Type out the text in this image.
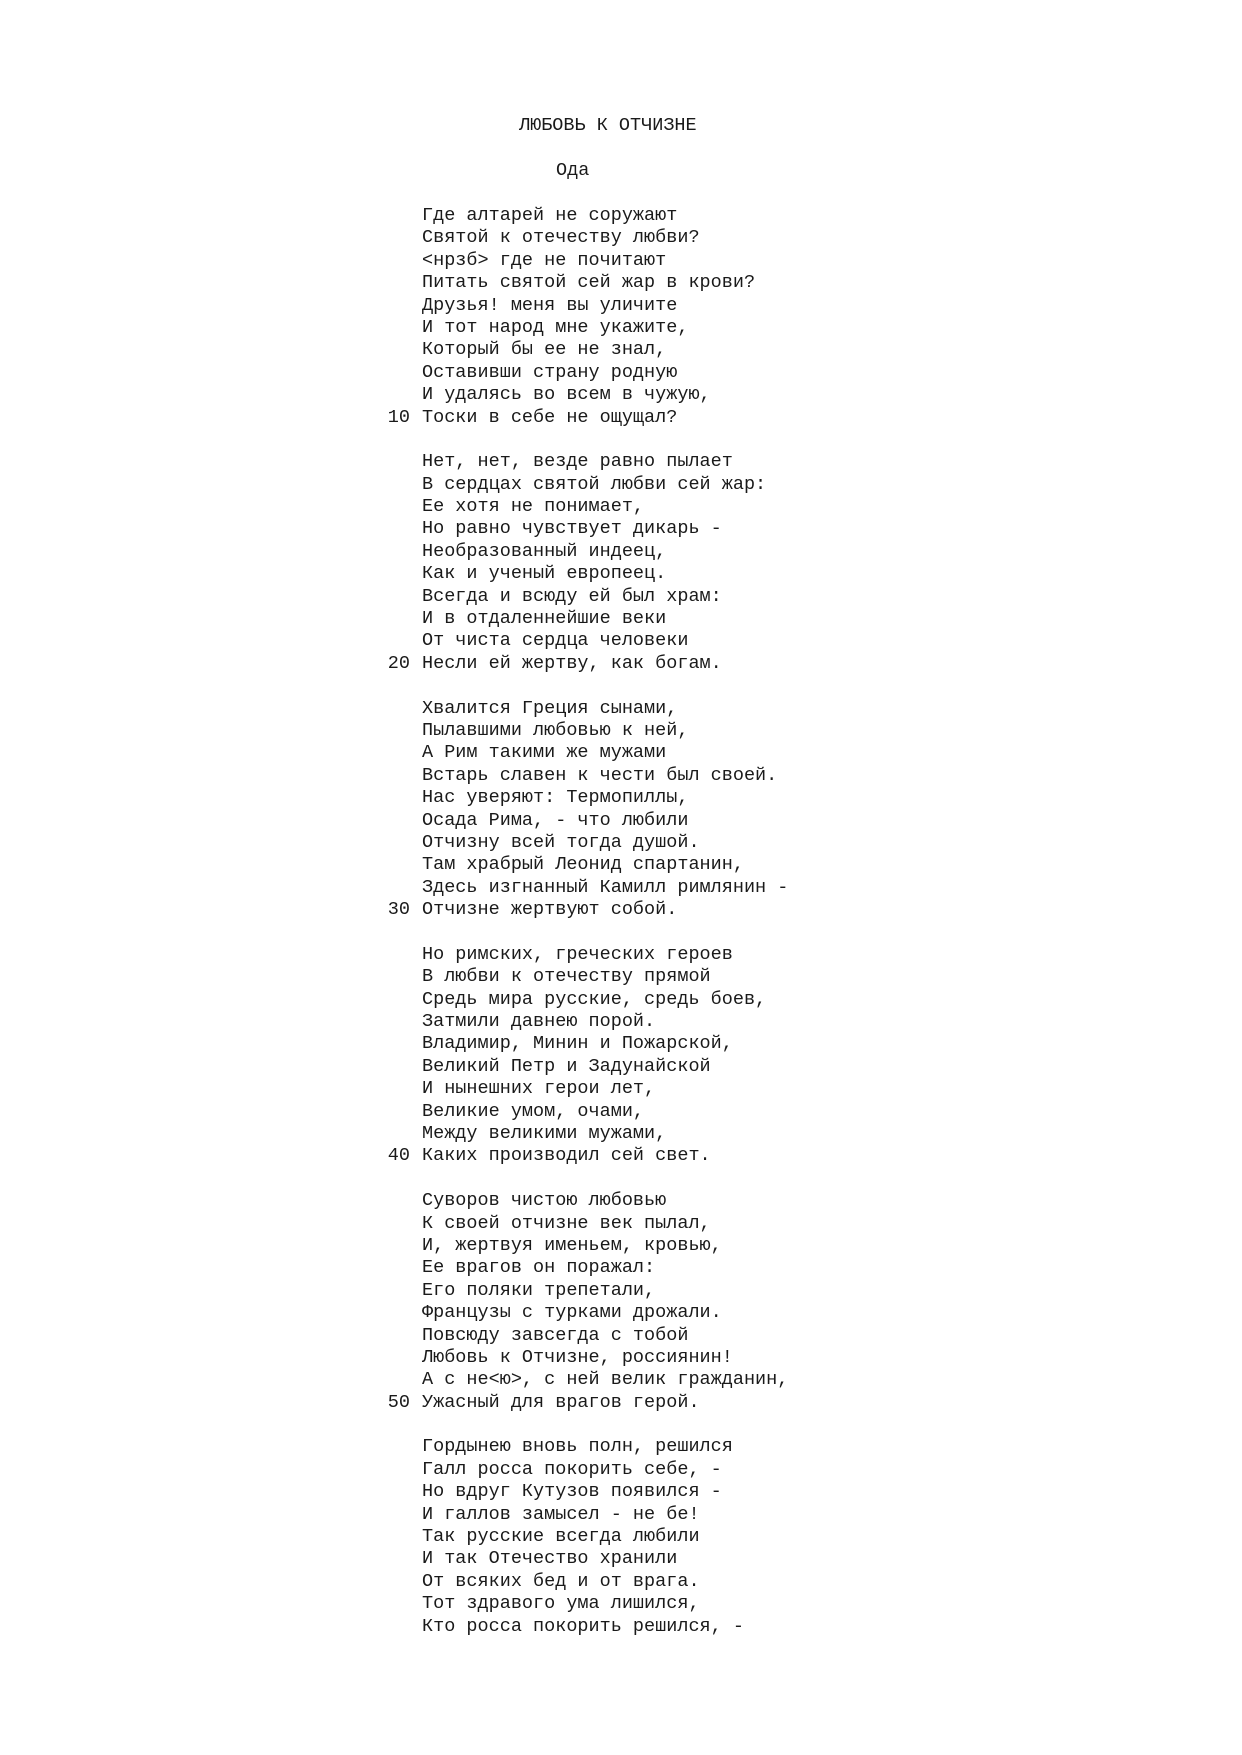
ЛЮБОВЬ К ОТЧИЗНЕ
Ода
Где алтарей не соружают
Святой к отечеству любви?
<нрзб> где не почитают
Питать святой сей жар в крови?
Друзья! меня вы уличите
И тот народ мне укажите,
Который бы ее не знал,
Оставивши страну родную
И удалясь во всем в чужую,
10 Тоски в себе не ощущал?
Нет, нет, везде равно пылает
В сердцах святой любви сей жар:
Ее хотя не понимает,
Но равно чувствует дикарь -
Необразованный индеец,
Как и ученый европеец.
Всегда и всюду ей был храм:
И в отдаленнейшие веки
От чиста сердца человеки
20 Несли ей жертву, как богам.
Хвалится Греция сынами,
Пылавшими любовью к ней,
А Рим такими же мужами
Встарь славен к чести был своей.
Нас уверяют: Термопиллы,
Осада Рима, - что любили
Отчизну всей тогда душой.
Там храбрый Леонид спартанин,
Здесь изгнанный Камилл римлянин -
30 Отчизне жертвуют собой.
Но римских, греческих героев
В любви к отечеству прямой
Средь мира русские, средь боев,
Затмили давнею порой.
Владимир, Минин и Пожарской,
Великий Петр и Задунайской
И нынешних герои лет,
Великие умом, очами,
Между великими мужами,
40 Каких производил сей свет.
Суворов чистою любовью
К своей отчизне век пылал,
И, жертвуя именьем, кровью,
Ее врагов он поражал:
Его поляки трепетали,
Французы с турками дрожали.
Повсюду завсегда с тобой
Любовь к Отчизне, россиянин!
А с не<ю>, с ней велик гражданин,
50 Ужасный для врагов герой.
Гордынею вновь полн, решился
Галл росса покорить себе, -
Но вдруг Кутузов появился -
И галлов замысел - не бе!
Так русские всегда любили
И так Отечество хранили
От всяких бед и от врага.
Тот здравого ума лишился,
Кто росса покорить решился, -
